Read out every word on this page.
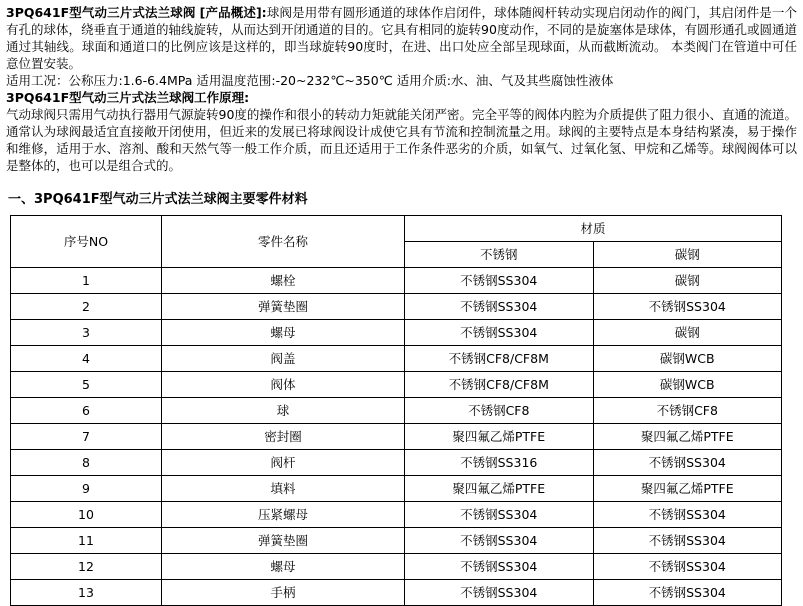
3PQ641F型气动三片式法兰球阀 [产品概述]:球阀是用带有圆形通道的球体作启闭件，球体随阀杆转动实现启闭动作的阀门，其启闭件是一个有孔的球体，绕垂直于通道的轴线旋转，从而达到开闭通道的目的。它具有相同的旋转90度动作，不同的是旋塞体是球体，有圆形通孔或圆通道通过其轴线。球面和通道口的比例应该是这样的，即当球旋转90度时，在进、出口处应全部呈现球面，从而截断流动。 本类阀门在管道中可任意位置安装。

适用工况：公称压力:1.6-6.4MPa 适用温度范围:-20~232℃~350℃ 适用介质:水、油、气及其些腐蚀性液体

3PQ641F型气动三片式法兰球阀工作原理:

气动球阀只需用气动执行器用气源旋转90度的操作和很小的转动力矩就能关闭严密。完全平等的阀体内腔为介质提供了阻力很小、直通的流道。通常认为球阀最适宜直接敞开闭使用，但近来的发展已将球阀设计成使它具有节流和控制流量之用。球阀的主要特点是本身结构紧凑，易于操作和维修，适用于水、溶剂、酸和天然气等一般工作介质，而且还适用于工作条件恶劣的介质，如氧气、过氧化氢、甲烷和乙烯等。球阀阀体可以是整体的，也可以是组合式的。

一、3PQ641F型气动三片式法兰球阀主要零件材料
序号NO	零件名称	材质	
		不锈钢	碳钢
1	螺栓	不锈钢SS304	碳钢
2	弹簧垫圈	不锈钢SS304	不锈钢SS304
3	螺母	不锈钢SS304	碳钢
4	阀盖	不锈钢CF8/CF8M	碳钢WCB
5	阀体	不锈钢CF8/CF8M	碳钢WCB
6	球	不锈钢CF8	不锈钢CF8
7	密封圈	聚四氟乙烯PTFE	聚四氟乙烯PTFE
8	阀杆	不锈钢SS316	不锈钢SS304
9	填料	聚四氟乙烯PTFE	聚四氟乙烯PTFE
10	压紧螺母	不锈钢SS304	不锈钢SS304
11	弹簧垫圈	不锈钢SS304	不锈钢SS304
12	螺母	不锈钢SS304	不锈钢SS304
13	手柄	不锈钢SS304	不锈钢SS304
